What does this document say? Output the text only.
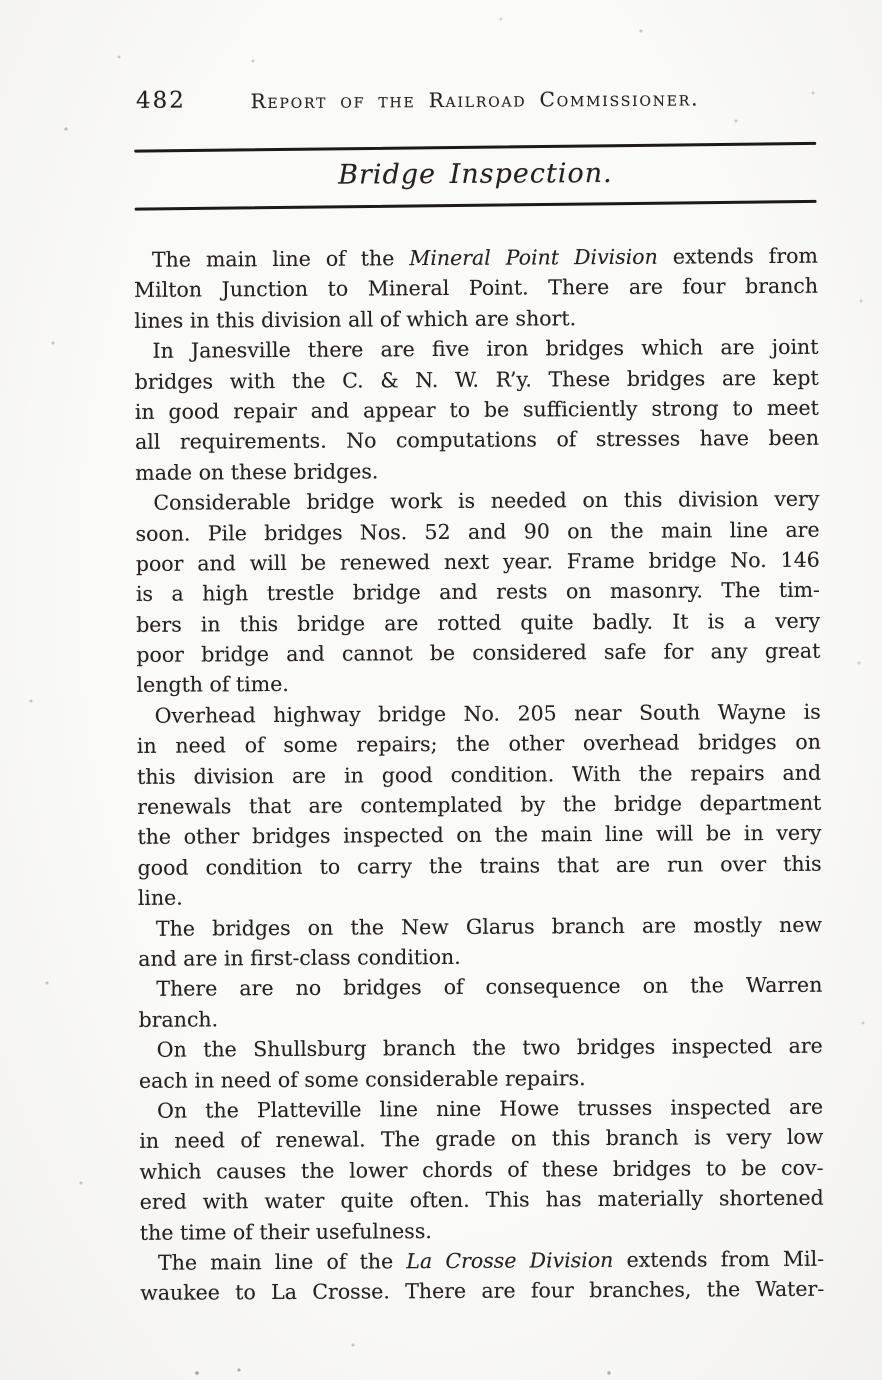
482	Report of the Railroad Commissioner.
Bridge Inspection.
The main line of the Mineral Point Division extends from
Milton Junction to Mineral Point. There are four branch
lines in this division all of which are short.
In Janesville there are five iron bridges which are joint
bridges with the C. & N. W. R’y. These bridges are kept
in good repair and appear to be sufficiently strong to meet
all requirements. No computations of stresses have been
made on these bridges.
Considerable bridge work is needed on this division very
soon. Pile bridges Nos. 52 and 90 on the main line are
poor and will be renewed next year. Frame bridge No. 146
is a high trestle bridge and rests on masonry. The tim-
bers in this bridge are rotted quite badly. It is a very
poor bridge and cannot be considered safe for any great
length of time.
Overhead highway bridge No. 205 near South Wayne is
in need of some repairs; the other overhead bridges on
this division are in good condition. With the repairs and
renewals that are contemplated by the bridge department
the other bridges inspected on the main line will be in very
good condition to carry the trains that are run over this
line.
The bridges on the New Glarus branch are mostly new
and are in first-class condition.
There are no bridges of consequence on the Warren
branch.
On the Shullsburg branch the two bridges inspected are
each in need of some considerable repairs.
On the Platteville line nine Howe trusses inspected are
in need of renewal. The grade on this branch is very low
which causes the lower chords of these bridges to be cov-
ered with water quite often. This has materially shortened
the time of their usefulness.
The main line of the La Crosse Division extends from Mil-
waukee to La Crosse. There are four branches, the Water-
